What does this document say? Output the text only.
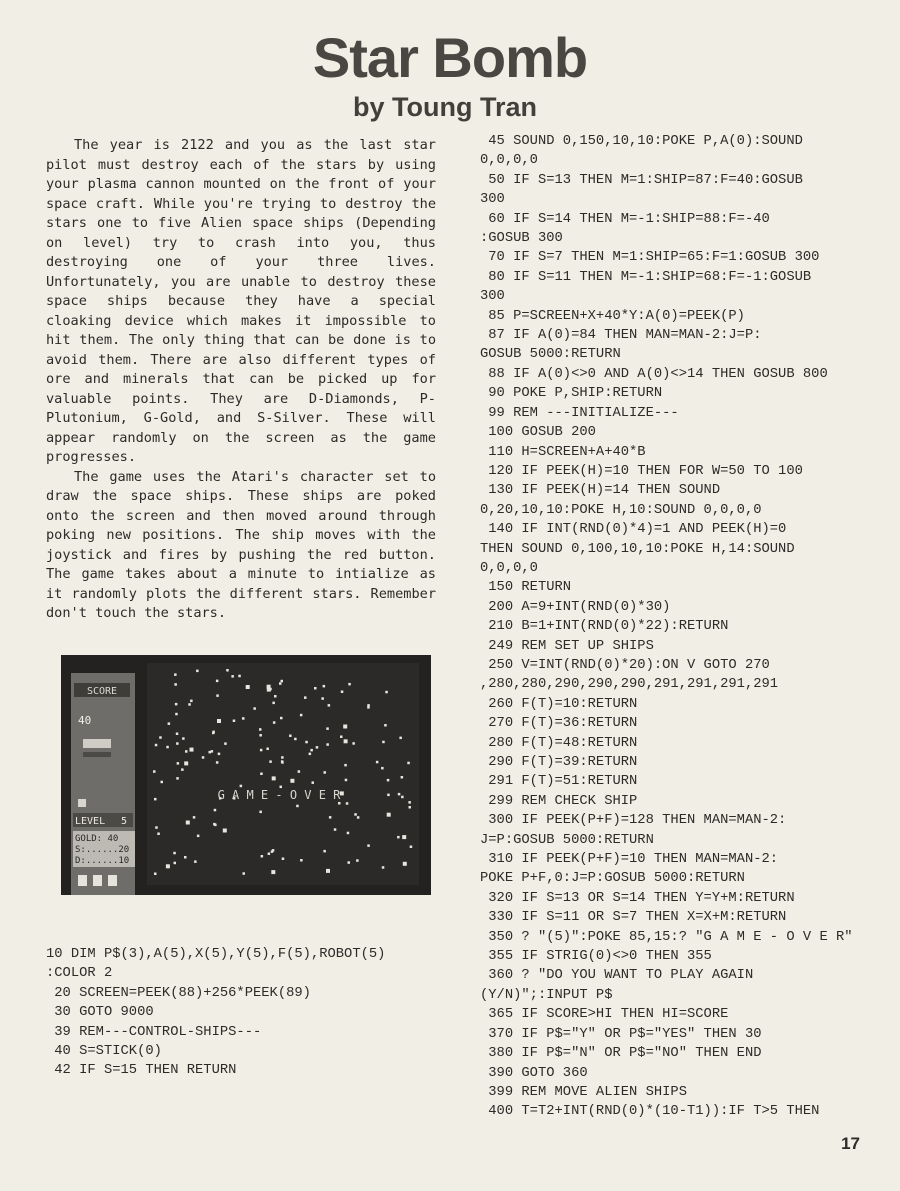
Star Bomb
by Toung Tran

The year is 2122 and you as the last star pilot must destroy each of the stars by using your plasma cannon mounted on the front of your space craft. While you're trying to destroy the stars one to five Alien space ships (Depending on level) try to crash into you, thus destroying one of your three lives. Unfortunately, you are unable to destroy these space ships because they have a special cloaking device which makes it impossible to hit them. The only thing that can be done is to avoid them. There are also different types of ore and minerals that can be picked up for valuable points. They are D-Diamonds, P-Plutonium, G-Gold, and S-Silver. These will appear randomly on the screen as the game progresses.

The game uses the Atari's character set to draw the space ships. These ships are poked onto the screen and then moved around through poking new positions. The ship moves with the joystick and fires by pushing the red button. The game takes about a minute to intialize as it randomly plots the different stars. Remember don't touch the stars.

SCORE
40
LEVEL 5
GOLD: 40
S:......20
D:......10
G A M E - O V E R
10 DIM P$(3),A(5),X(5),Y(5),F(5),ROBOT(5)
:COLOR 2
20 SCREEN=PEEK(88)+256*PEEK(89)
30 GOTO 9000
39 REM---CONTROL-SHIPS---
40 S=STICK(0)
42 IF S=15 THEN RETURN
45 SOUND 0,150,10,10:POKE P,A(0):SOUND
0,0,0,0
50 IF S=13 THEN M=1:SHIP=87:F=40:GOSUB
300
60 IF S=14 THEN M=-1:SHIP=88:F=-40
:GOSUB 300
70 IF S=7 THEN M=1:SHIP=65:F=1:GOSUB 300
80 IF S=11 THEN M=-1:SHIP=68:F=-1:GOSUB
300
85 P=SCREEN+X+40*Y:A(0)=PEEK(P)
87 IF A(0)=84 THEN MAN=MAN-2:J=P:
GOSUB 5000:RETURN
88 IF A(0)<>0 AND A(0)<>14 THEN GOSUB 800
90 POKE P,SHIP:RETURN
99 REM ---INITIALIZE---
100 GOSUB 200
110 H=SCREEN+A+40*B
120 IF PEEK(H)=10 THEN FOR W=50 TO 100
130 IF PEEK(H)=14 THEN SOUND
0,20,10,10:POKE H,10:SOUND 0,0,0,0
140 IF INT(RND(0)*4)=1 AND PEEK(H)=0
THEN SOUND 0,100,10,10:POKE H,14:SOUND
0,0,0,0
150 RETURN
200 A=9+INT(RND(0)*30)
210 B=1+INT(RND(0)*22):RETURN
249 REM SET UP SHIPS
250 V=INT(RND(0)*20):ON V GOTO 270
,280,280,290,290,290,291,291,291,291
260 F(T)=10:RETURN
270 F(T)=36:RETURN
280 F(T)=48:RETURN
290 F(T)=39:RETURN
291 F(T)=51:RETURN
299 REM CHECK SHIP
300 IF PEEK(P+F)=128 THEN MAN=MAN-2:
J=P:GOSUB 5000:RETURN
310 IF PEEK(P+F)=10 THEN MAN=MAN-2:
POKE P+F,0:J=P:GOSUB 5000:RETURN
320 IF S=13 OR S=14 THEN Y=Y+M:RETURN
330 IF S=11 OR S=7 THEN X=X+M:RETURN
350 ? "(5)":POKE 85,15:? "G A M E - O V E R"
355 IF STRIG(0)<>0 THEN 355
360 ? "DO YOU WANT TO PLAY AGAIN
(Y/N)";:INPUT P$
365 IF SCORE>HI THEN HI=SCORE
370 IF P$="Y" OR P$="YES" THEN 30
380 IF P$="N" OR P$="NO" THEN END
390 GOTO 360
399 REM MOVE ALIEN SHIPS
400 T=T2+INT(RND(0)*(10-T1)):IF T>5 THEN

17
